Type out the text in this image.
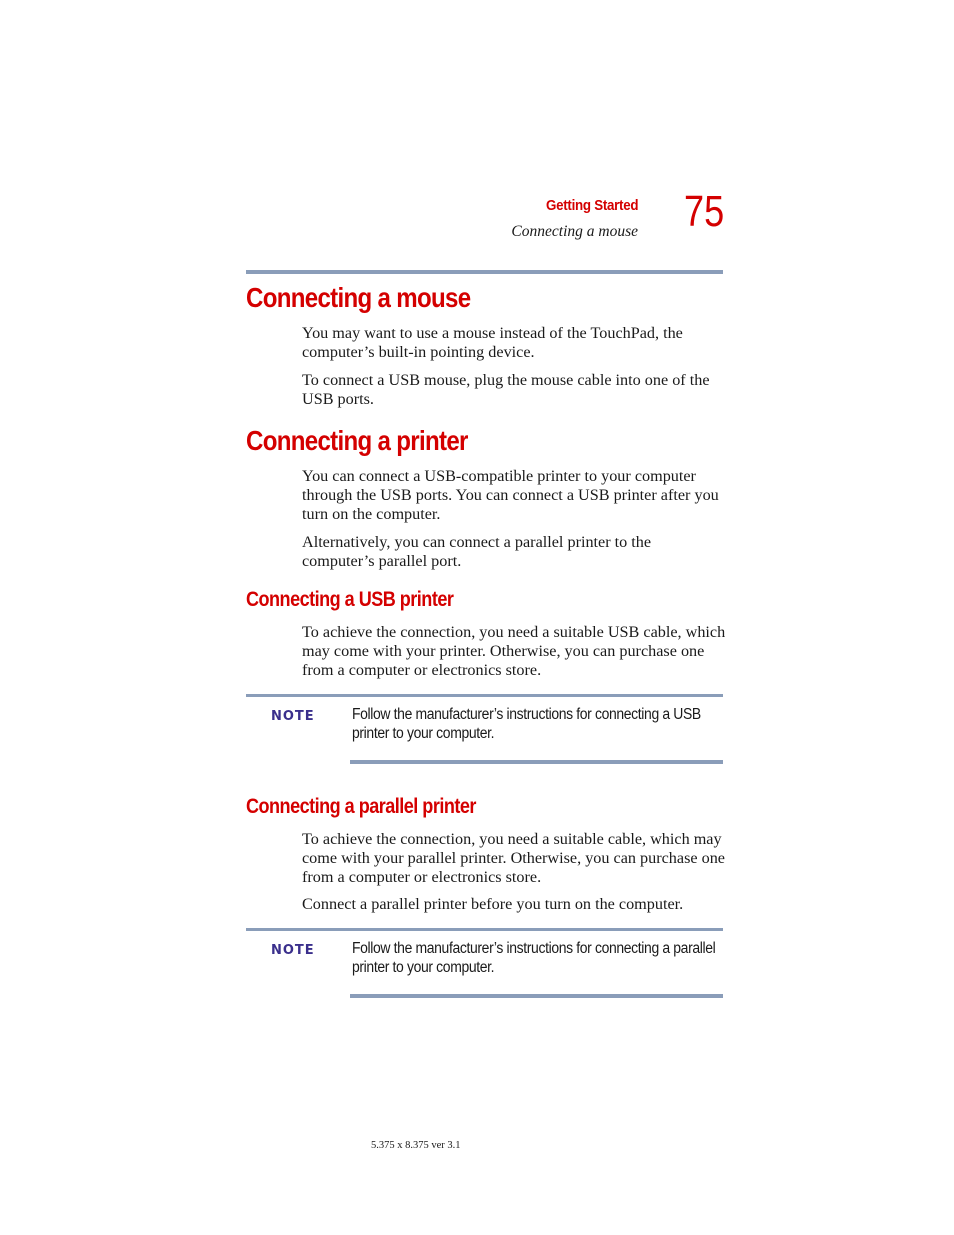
Getting Started
Connecting a mouse 75
Connecting a mouse

You may want to use a mouse instead of the TouchPad, the computer’s built-in pointing device.

To connect a USB mouse, plug the mouse cable into one of the USB ports.

Connecting a printer

You can connect a USB-compatible printer to your computer through the USB ports. You can connect a USB printer after you turn on the computer.

Alternatively, you can connect a parallel printer to the computer’s parallel port.

Connecting a USB printer

To achieve the connection, you need a suitable USB cable, which may come with your printer. Otherwise, you can purchase one from a computer or electronics store.

NOTE Follow the manufacturer’s instructions for connecting a USB printer to your computer.
Connecting a parallel printer

To achieve the connection, you need a suitable cable, which may come with your parallel printer. Otherwise, you can purchase one from a computer or electronics store.

Connect a parallel printer before you turn on the computer.

NOTE Follow the manufacturer’s instructions for connecting a parallel printer to your computer.
5.375 x 8.375 ver 3.1
